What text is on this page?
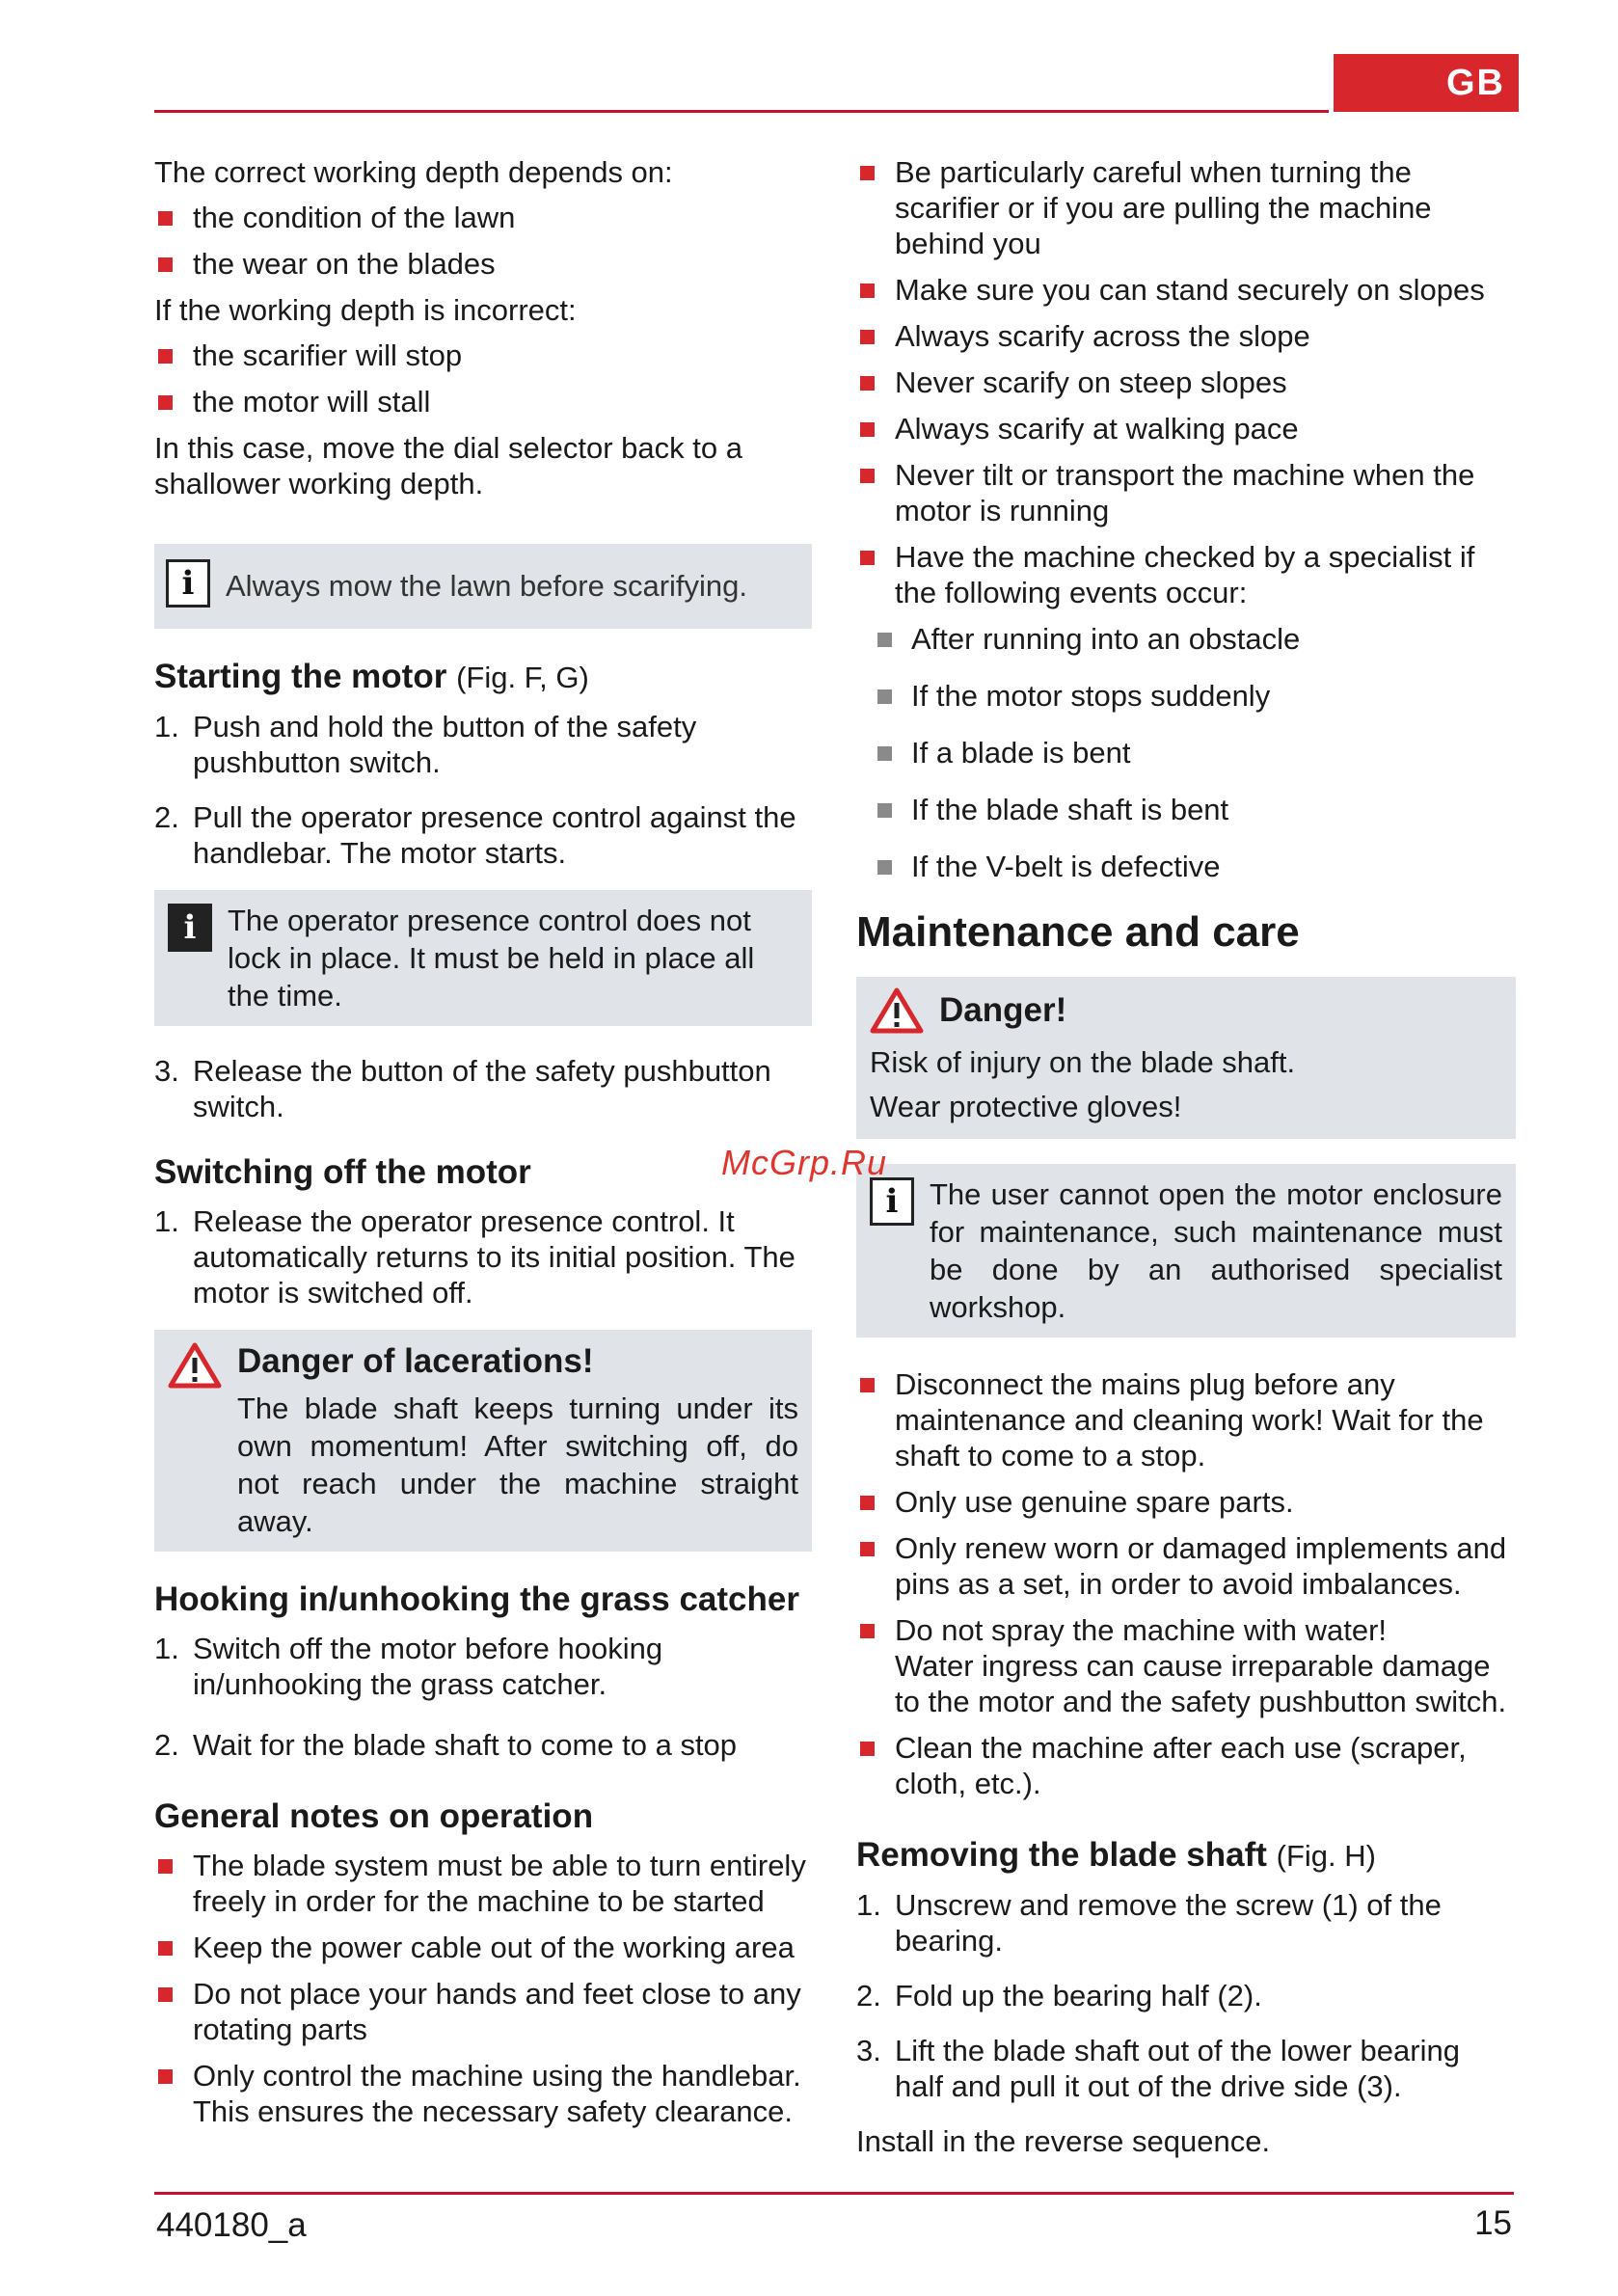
GB

The correct working depth depends on:

the condition of the lawn
the wear on the blades

If the working depth is incorrect:

the scarifier will stop
the motor will stall

In this case, move the dial selector back to a shallower working depth.

i	Always mow the lawn before scarifying.

Starting the motor (Fig. F, G)
1. Push and hold the button of the safety pushbutton switch.
2. Pull the operator presence control against the handlebar. The motor starts.
i	The operator presence control does not lock in place. It must be held in place all the time.

3. Release the button of the safety pushbutton switch.
Switching off the motor
1. Release the operator presence control. It automatically returns to its initial position. The motor is switched off.
Danger of lacerations!

The blade shaft keeps turning under its own momentum! After switching off, do not reach under the machine straight away.

Hooking in/unhooking the grass catcher
1. Switch off the motor before hooking in/unhooking the grass catcher.
2. Wait for the blade shaft to come to a stop
General notes on operation
The blade system must be able to turn entirely freely in order for the machine to be started
Keep the power cable out of the working area
Do not place your hands and feet close to any rotating parts
Only control the machine using the handlebar. This ensures the necessary safety clearance.
Be particularly careful when turning the scarifier or if you are pulling the machine behind you
Make sure you can stand securely on slopes
Always scarify across the slope
Never scarify on steep slopes
Always scarify at walking pace
Never tilt or transport the machine when the motor is running
Have the machine checked by a specialist if the following events occur:
After running into an obstacle
If the motor stops suddenly
If a blade is bent
If the blade shaft is bent
If the V-belt is defective
Maintenance and care
Danger!

Risk of injury on the blade shaft.

Wear protective gloves!

i	The user cannot open the motor enclosure for maintenance, such maintenance must be done by an authorised specialist workshop.

McGrp.Ru
Disconnect the mains plug before any maintenance and cleaning work! Wait for the shaft to come to a stop.
Only use genuine spare parts.
Only renew worn or damaged implements and pins as a set, in order to avoid imbalances.
Do not spray the machine with water!
Water ingress can cause irreparable damage to the motor and the safety pushbutton switch.
Clean the machine after each use (scraper, cloth, etc.).
Removing the blade shaft (Fig. H)
1. Unscrew and remove the screw (1) of the bearing.
2. Fold up the bearing half (2).
3. Lift the blade shaft out of the lower bearing half and pull it out of the drive side (3).

Install in the reverse sequence.

440180_a	15
